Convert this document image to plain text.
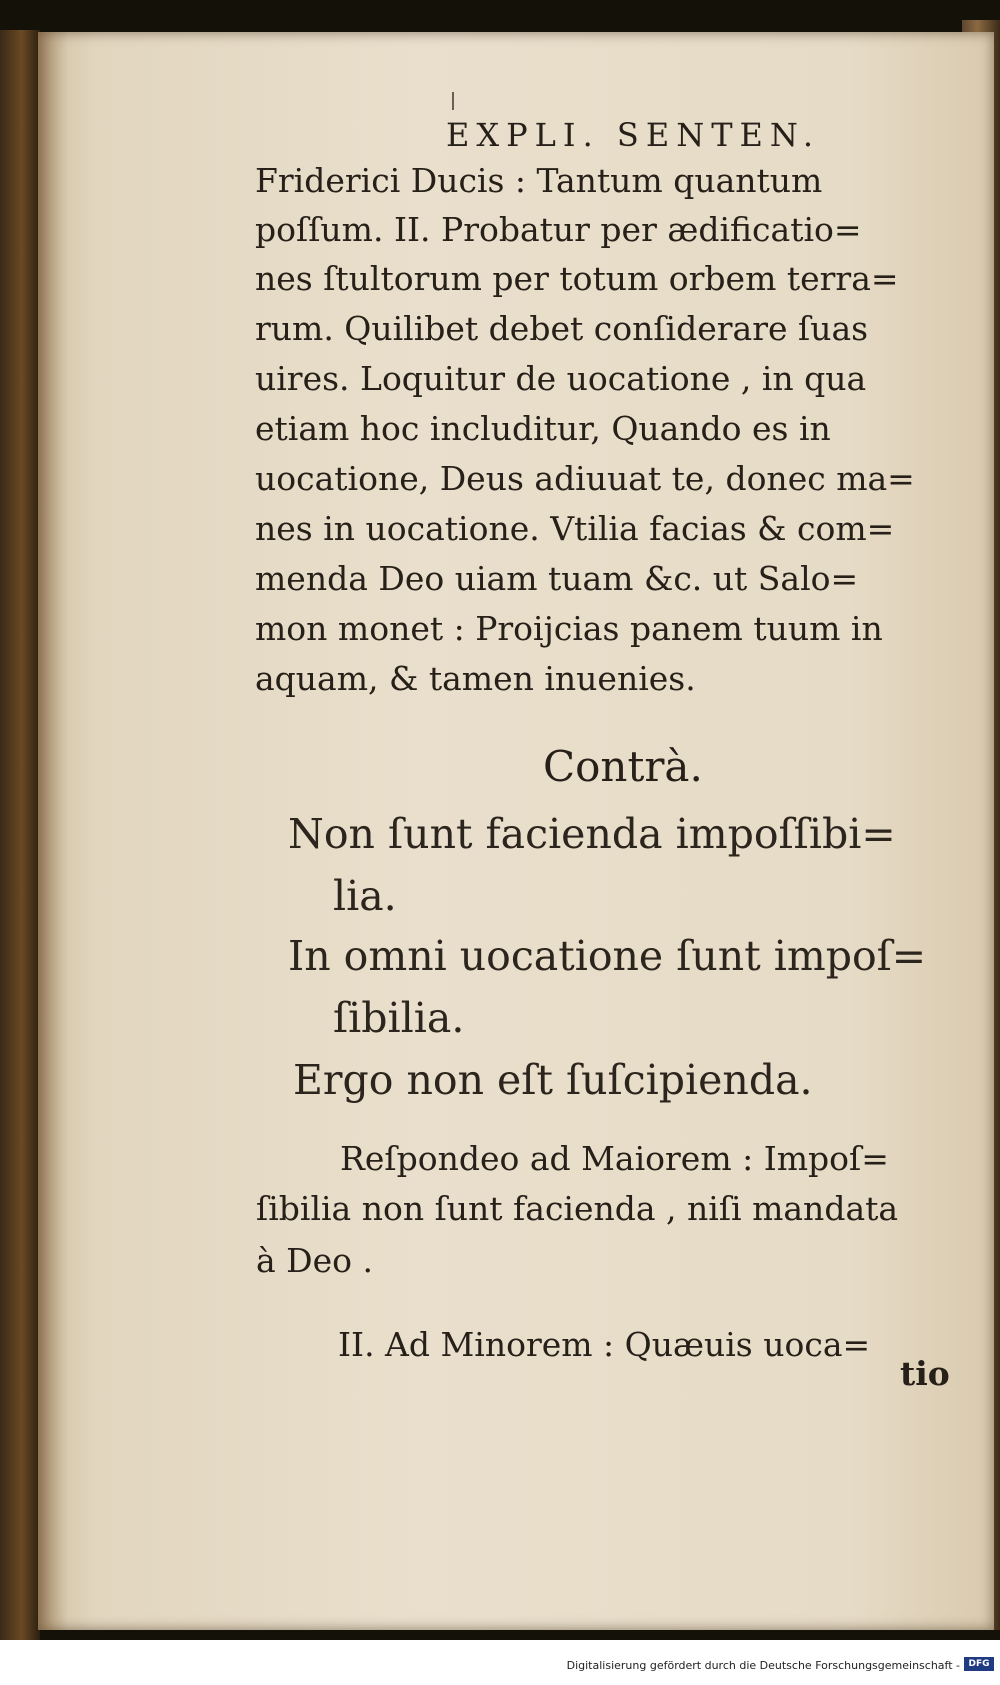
EXPLI. SENTEN.
Friderici Ducis : Tantum quantum
poſſum. II. Probatur per ædificatio=
nes ſtultorum per totum orbem terra=
rum. Quilibet debet conſiderare ſuas
uires. Loquitur de uocatione , in qua
etiam hoc includitur, Quando es in
uocatione, Deus adiuuat te, donec ma=
nes in uocatione. Vtilia facias & com=
menda Deo uiam tuam &c. ut Salo=
mon monet : Proijcias panem tuum in
aquam, & tamen inuenies.
Contrà.
Non ſunt facienda impoſſibi=
lia.
In omni uocatione ſunt impoſ=
ſibilia.
Ergo non eſt ſuſcipienda.
Reſpondeo ad Maiorem : Impoſ=
ſibilia non ſunt facienda , niſi mandata
à Deo .
II. Ad Minorem : Quæuis uoca=
tio
Digitalisierung gefördert durch die Deutsche Forschungsgemeinschaft - DFG
